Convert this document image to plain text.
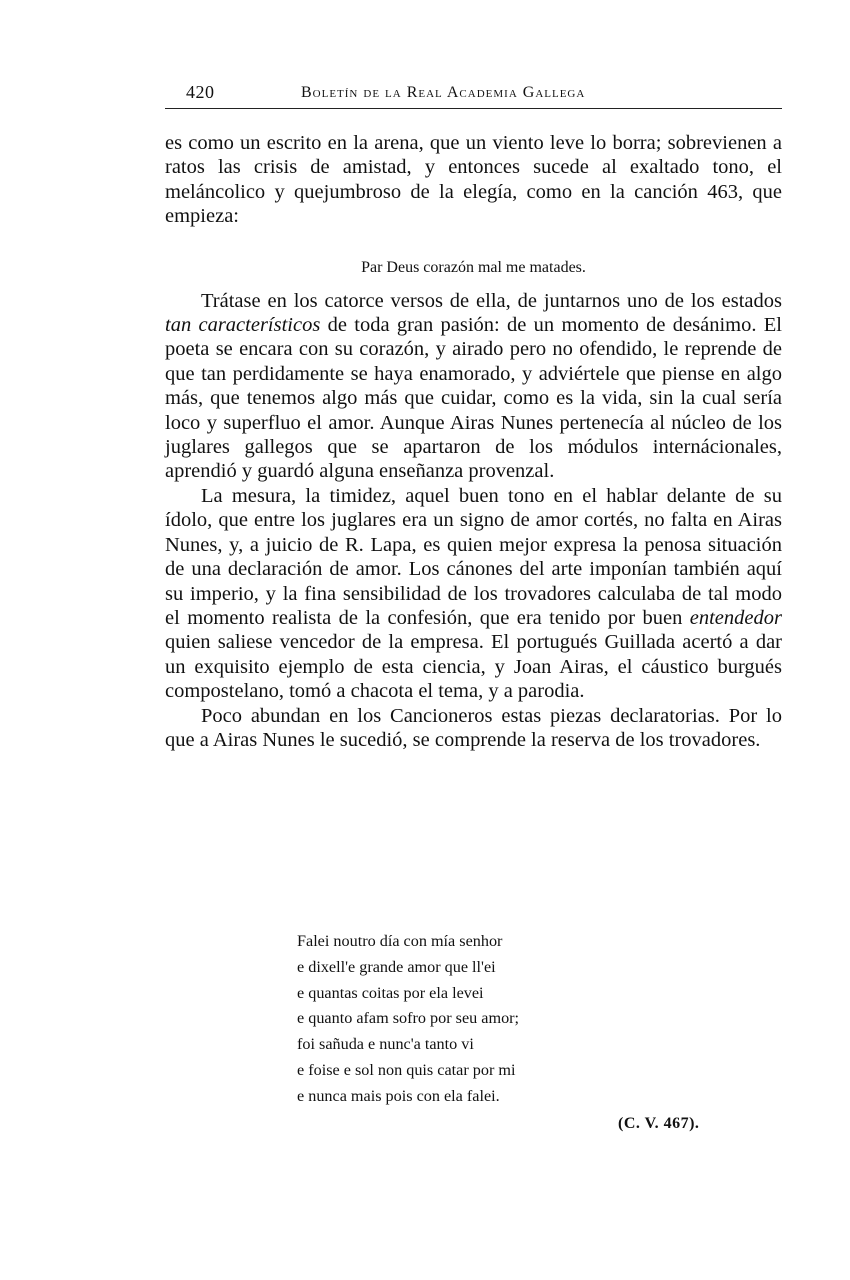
420	Boletín de la Real Academia Gallega

es como un escrito en la arena, que un viento leve lo borra; sobrevienen a ratos las crisis de amistad, y entonces sucede al exaltado tono, el meláncolico y quejumbroso de la elegía, como en la canción 463, que empieza:

Trátase en los catorce versos de ella, de juntarnos uno de los estados tan característicos de toda gran pasión: de un momento de desánimo. El poeta se encara con su corazón, y airado pero no ofendido, le reprende de que tan perdidamente se haya enamorado, y adviértele que piense en algo más, que tenemos algo más que cuidar, como es la vida, sin la cual sería loco y superfluo el amor. Aunque Airas Nunes pertenecía al núcleo de los juglares gallegos que se apartaron de los módulos internácionales, aprendió y guardó alguna enseñanza provenzal.

La mesura, la timidez, aquel buen tono en el hablar delante de su ídolo, que entre los juglares era un signo de amor cortés, no falta en Airas Nunes, y, a juicio de R. Lapa, es quien mejor expresa la penosa situación de una declaración de amor. Los cánones del arte imponían también aquí su imperio, y la fina sensibilidad de los trovadores calculaba de tal modo el momento realista de la confesión, que era tenido por buen entendedor quien saliese vencedor de la empresa. El portugués Guillada acertó a dar un exquisito ejemplo de esta ciencia, y Joan Airas, el cáustico burgués compostelano, tomó a chacota el tema, y a parodia.

Poco abundan en los Cancioneros estas piezas declaratorias. Por lo que a Airas Nunes le sucedió, se comprende la reserva de los trovadores.

Par Deus corazón mal me matades.
Falei noutro día con mía senhor
e dixell'e grande amor que ll'ei
e quantas coitas por ela levei
e quanto afam sofro por seu amor;
foi sañuda e nunc'a tanto vi
e foise e sol non quis catar por mi
e nunca mais pois con ela falei.
(C. V. 467).
